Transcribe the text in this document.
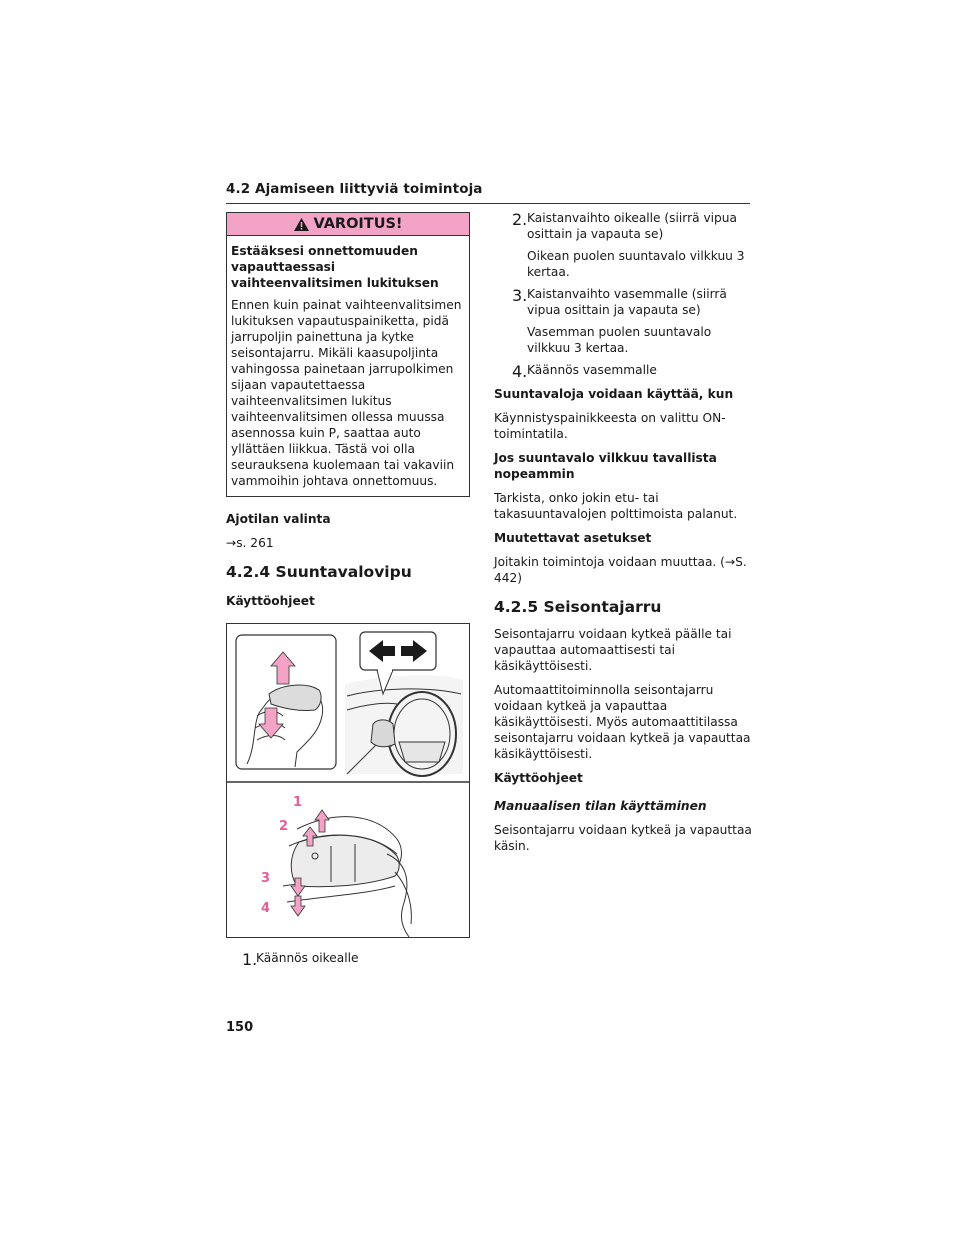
4.2 Ajamiseen liittyviä toimintoja
VAROITUS!

Estääksesi onnettomuuden vapauttaessasi vaihteenvalitsimen lukituksen

Ennen kuin painat vaihteenvalitsimen lukituksen vapautuspainiketta, pidä jarrupoljin painettuna ja kytke seisontajarru. Mikäli kaasupoljinta vahingossa painetaan jarrupolkimen sijaan vapautettaessa vaihteenvalitsimen lukitus vaihteenvalitsimen ollessa muussa asennossa kuin P, saattaa auto yllättäen liikkua. Tästä voi olla seurauksena kuolemaan tai vakaviin vammoihin johtava onnettomuus.

Ajotilan valinta

→s. 261

4.2.4 Suuntavalovipu

Käyttöohjeet

1
2
3
4
1.

Käännös oikealle

2. Kaistanvaihto oikealle (siirrä vipua osittain ja vapauta se)

Oikean puolen suuntavalo vilkkuu 3 kertaa.

3. Kaistanvaihto vasemmalle (siirrä vipua osittain ja vapauta se)

Vasemman puolen suuntavalo vilkkuu 3 kertaa.

4. Käännös vasemmalle

Suuntavaloja voidaan käyttää, kun

Käynnistyspainikkeesta on valittu ON-toimintatila.

Jos suuntavalo vilkkuu tavallista nopeammin

Tarkista, onko jokin etu- tai takasuuntavalojen polttimoista palanut.

Muutettavat asetukset

Joitakin toimintoja voidaan muuttaa. (→S. 442)

4.2.5 Seisontajarru

Seisontajarru voidaan kytkeä päälle tai vapauttaa automaattisesti tai käsikäyttöisesti.

Automaattitoiminnolla seisontajarru voidaan kytkeä ja vapauttaa käsikäyttöisesti. Myös automaattitilassa seisontajarru voidaan kytkeä ja vapauttaa käsikäyttöisesti.

Käyttöohjeet

Manuaalisen tilan käyttäminen

Seisontajarru voidaan kytkeä ja vapauttaa käsin.

150
